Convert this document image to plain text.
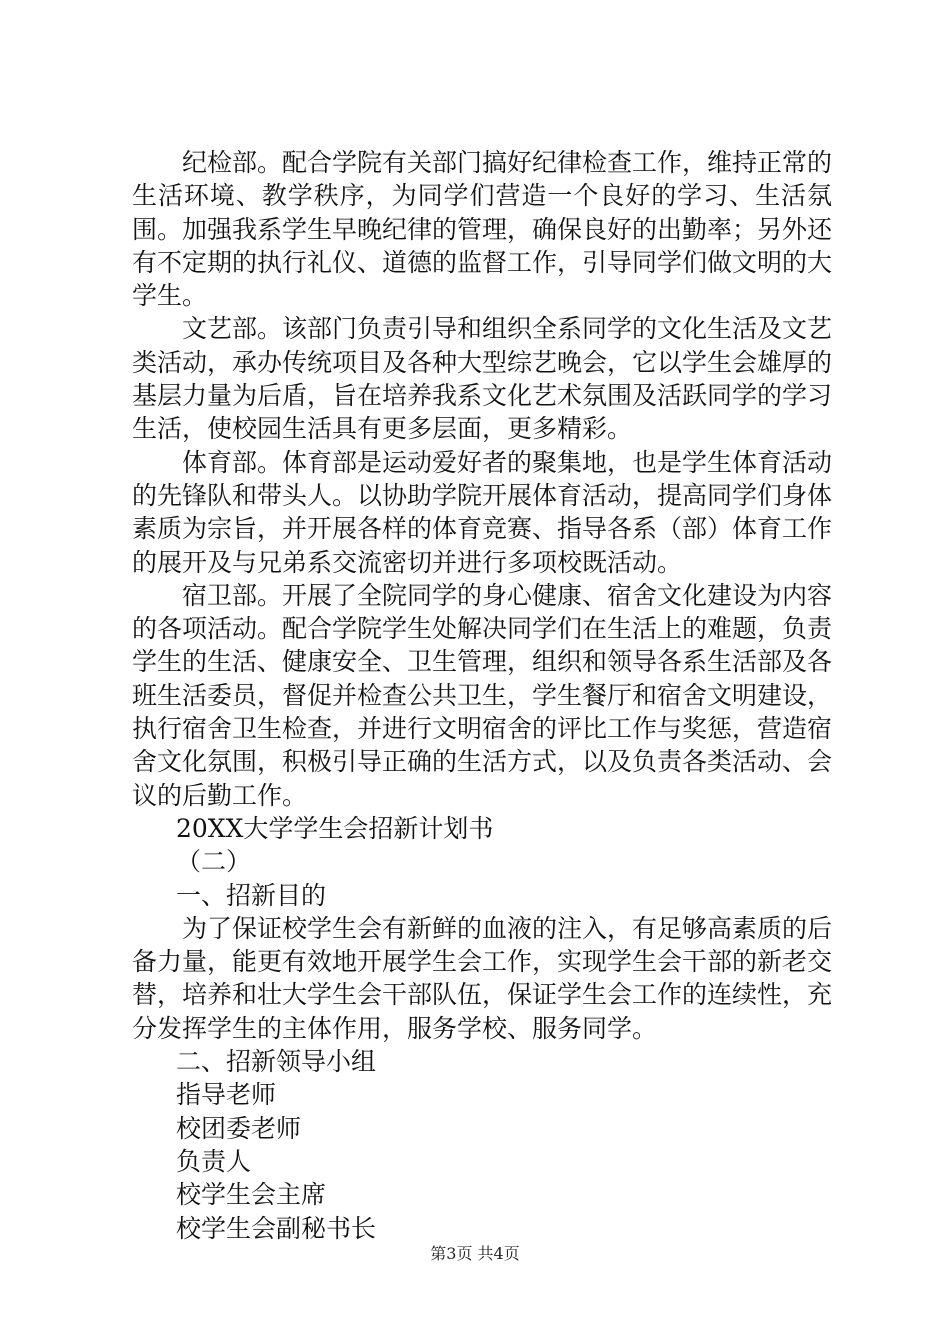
纪检部。配合学院有关部门搞好纪律检查工作，维持正常的生活环境、教学秩序，为同学们营造一个良好的学习、生活氛围。加强我系学生早晚纪律的管理，确保良好的出勤率；另外还有不定期的执行礼仪、道德的监督工作，引导同学们做文明的大学生。

文艺部。该部门负责引导和组织全系同学的文化生活及文艺类活动，承办传统项目及各种大型综艺晚会，它以学生会雄厚的基层力量为后盾，旨在培养我系文化艺术氛围及活跃同学的学习生活，使校园生活具有更多层面，更多精彩。

体育部。体育部是运动爱好者的聚集地，也是学生体育活动的先锋队和带头人。以协助学院开展体育活动，提高同学们身体素质为宗旨，并开展各样的体育竞赛、指导各系（部）体育工作的展开及与兄弟系交流密切并进行多项校既活动。

宿卫部。开展了全院同学的身心健康、宿舍文化建设为内容的各项活动。配合学院学生处解决同学们在生活上的难题，负责学生的生活、健康安全、卫生管理，组织和领导各系生活部及各班生活委员，督促并检查公共卫生，学生餐厅和宿舍文明建设，执行宿舍卫生检查，并进行文明宿舍的评比工作与奖惩，营造宿舍文化氛围，积极引导正确的生活方式，以及负责各类活动、会议的后勤工作。

20XX大学学生会招新计划书

（二）

一、招新目的

为了保证校学生会有新鲜的血液的注入，有足够高素质的后备力量，能更有效地开展学生会工作，实现学生会干部的新老交替，培养和壮大学生会干部队伍，保证学生会工作的连续性，充分发挥学生的主体作用，服务学校、服务同学。

二、招新领导小组

指导老师

校团委老师

负责人

校学生会主席

校学生会副秘书长

第3页 共4页
